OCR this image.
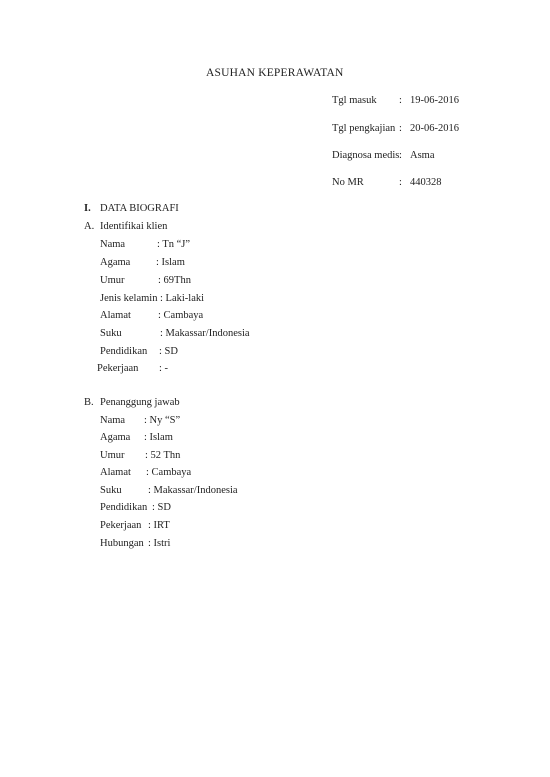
ASUHAN KEPERAWATAN
Tgl masuk : 19-06-2016
Tgl pengkajian : 20-06-2016
Diagnosa medis : Asma
No MR	: 440328
I. DATA BIOGRAFI
A. Identifikai klien
Nama	: Tn “J”
Agama : Islam
Umur	: 69Thn
Jenis kelamin : Laki-laki
Alamat	: Cambaya
Suku	: Makassar/Indonesia
Pendidikan : SD
Pekerjaan : -
B. Penanggung jawab
Nama : Ny “S”
Agama : Islam
Umur : 52 Thn
Alamat : Cambaya
Suku	: Makassar/Indonesia
Pendidikan : SD
Pekerjaan : IRT
Hubungan : Istri
